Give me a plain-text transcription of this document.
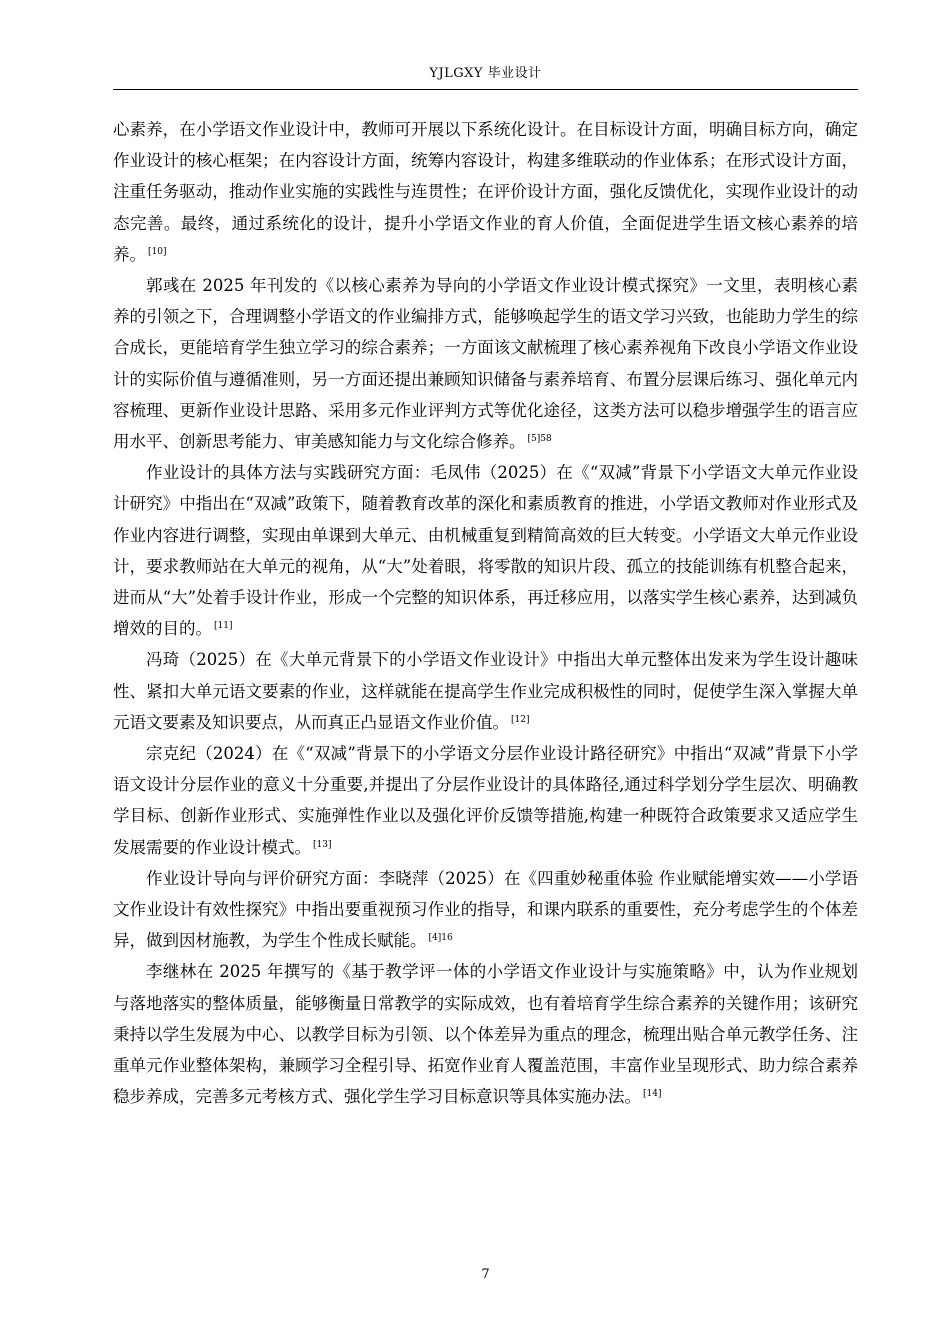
YJLGXY 毕业设计

心素养，在小学语文作业设计中，教师可开展以下系统化设计。在目标设计方面，明确目标方向，确定作业设计的核心框架；在内容设计方面，统筹内容设计，构建多维联动的作业体系；在形式设计方面，注重任务驱动，推动作业实施的实践性与连贯性；在评价设计方面，强化反馈优化，实现作业设计的动态完善。最终，通过系统化的设计，提升小学语文作业的育人价值，全面促进学生语文核心素养的培养。 [10]

郭彧在 2025 年刊发的《以核心素养为导向的小学语文作业设计模式探究》一文里，表明核心素养的引领之下，合理调整小学语文的作业编排方式，能够唤起学生的语文学习兴致，也能助力学生的综合成长，更能培育学生独立学习的综合素养；一方面该文献梳理了核心素养视角下改良小学语文作业设计的实际价值与遵循准则，另一方面还提出兼顾知识储备与素养培育、布置分层课后练习、强化单元内容梳理、更新作业设计思路、采用多元作业评判方式等优化途径，这类方法可以稳步增强学生的语言应用水平、创新思考能力、审美感知能力与文化综合修养。 $^{[5]58}$

作业设计的具体方法与实践研究方面：毛凤伟（2025）在《“双减”背景下小学语文大单元作业设计研究》中指出在“双减”政策下，随着教育改革的深化和素质教育的推进，小学语文教师对作业形式及作业内容进行调整，实现由单课到大单元、由机械重复到精简高效的巨大转变。小学语文大单元作业设计，要求教师站在大单元的视角，从“大”处着眼，将零散的知识片段、孤立的技能训练有机整合起来，进而从“大”处着手设计作业，形成一个完整的知识体系，再迁移应用，以落实学生核心素养，达到减负增效的目的。 [11]

冯琦（2025）在《大单元背景下的小学语文作业设计》中指出大单元整体出发来为学生设计趣味性、紧扣大单元语文要素的作业，这样就能在提高学生作业完成积极性的同时，促使学生深入掌握大单元语文要素及知识要点，从而真正凸显语文作业价值。 [12]

宗克纪（2024）在《“双减”背景下的小学语文分层作业设计路径研究》中指出“双减”背景下小学语文设计分层作业的意义十分重要,并提出了分层作业设计的具体路径,通过科学划分学生层次、明确教学目标、创新作业形式、实施弹性作业以及强化评价反馈等措施,构建一种既符合政策要求又适应学生发展需要的作业设计模式。 [13]

作业设计导向与评价研究方面：李晓萍（2025）在《四重妙秘重体验 作业赋能增实效——小学语文作业设计有效性探究》中指出要重视预习作业的指导，和课内联系的重要性，充分考虑学生的个体差异，做到因材施教，为学生个性成长赋能。 $^{[4]16}$

李继林在 2025 年撰写的《基于教学评一体的小学语文作业设计与实施策略》中，认为作业规划与落地落实的整体质量，能够衡量日常教学的实际成效，也有着培育学生综合素养的关键作用；该研究秉持以学生发展为中心、以教学目标为引领、以个体差异为重点的理念，梳理出贴合单元教学任务、注重单元作业整体架构，兼顾学习全程引导、拓宽作业育人覆盖范围，丰富作业呈现形式、助力综合素养稳步养成，完善多元考核方式、强化学生学习目标意识等具体实施办法。 [14]

7
